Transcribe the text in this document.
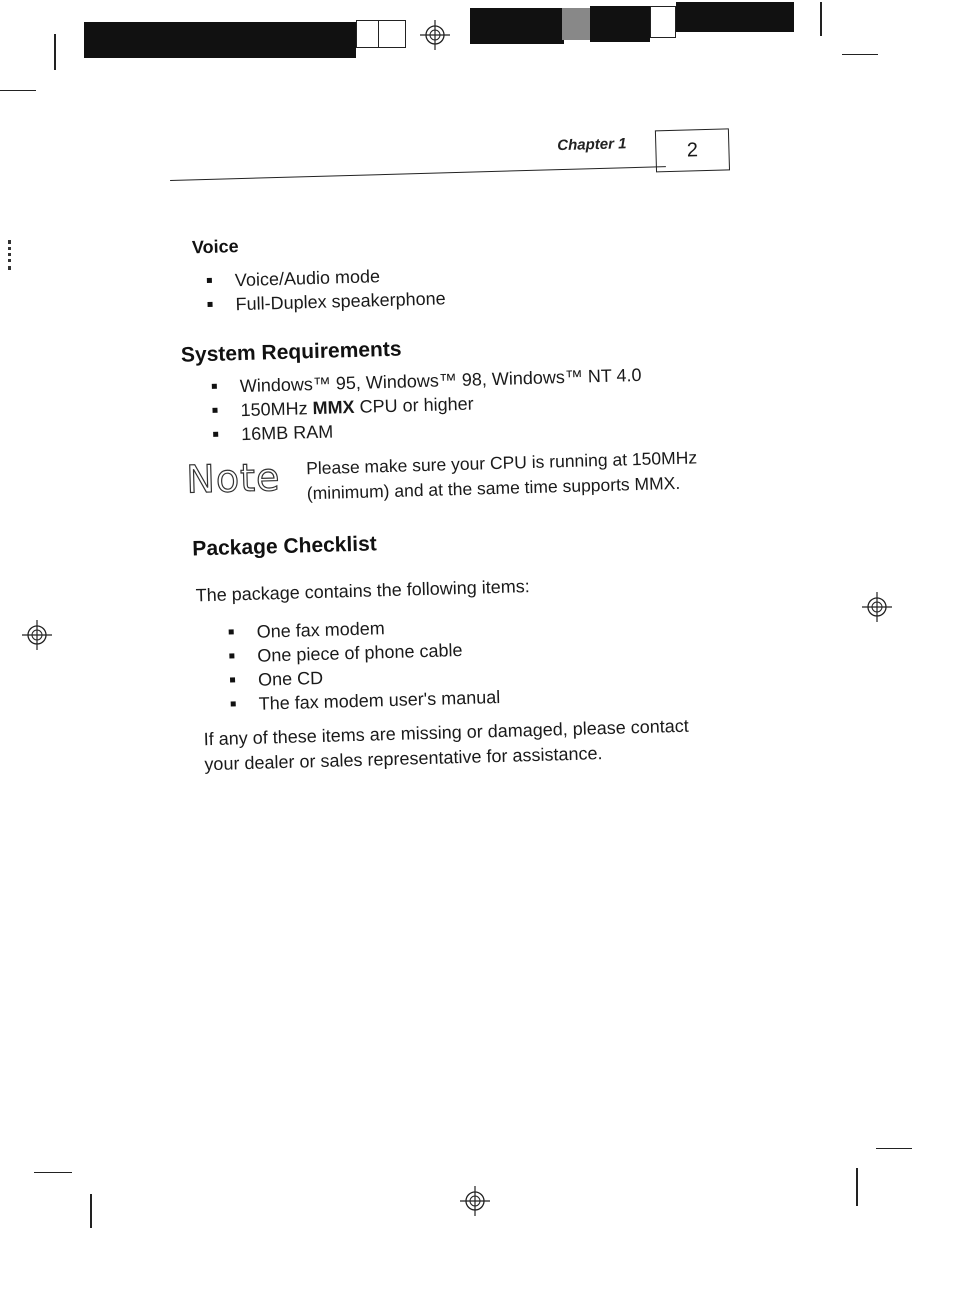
Chapter 1	2
Voice
Voice/Audio mode
Full-Duplex speakerphone
System Requirements
Windows™ 95, Windows™ 98, Windows™ NT 4.0
150MHz MMX CPU or higher
16MB RAM
Note Please make sure your CPU is running at 150MHz
(minimum) and at the same time supports MMX.
Package Checklist
The package contains the following items:
One fax modem
One piece of phone cable
One CD
The fax modem user's manual
If any of these items are missing or damaged, please contact
your dealer or sales representative for assistance.
